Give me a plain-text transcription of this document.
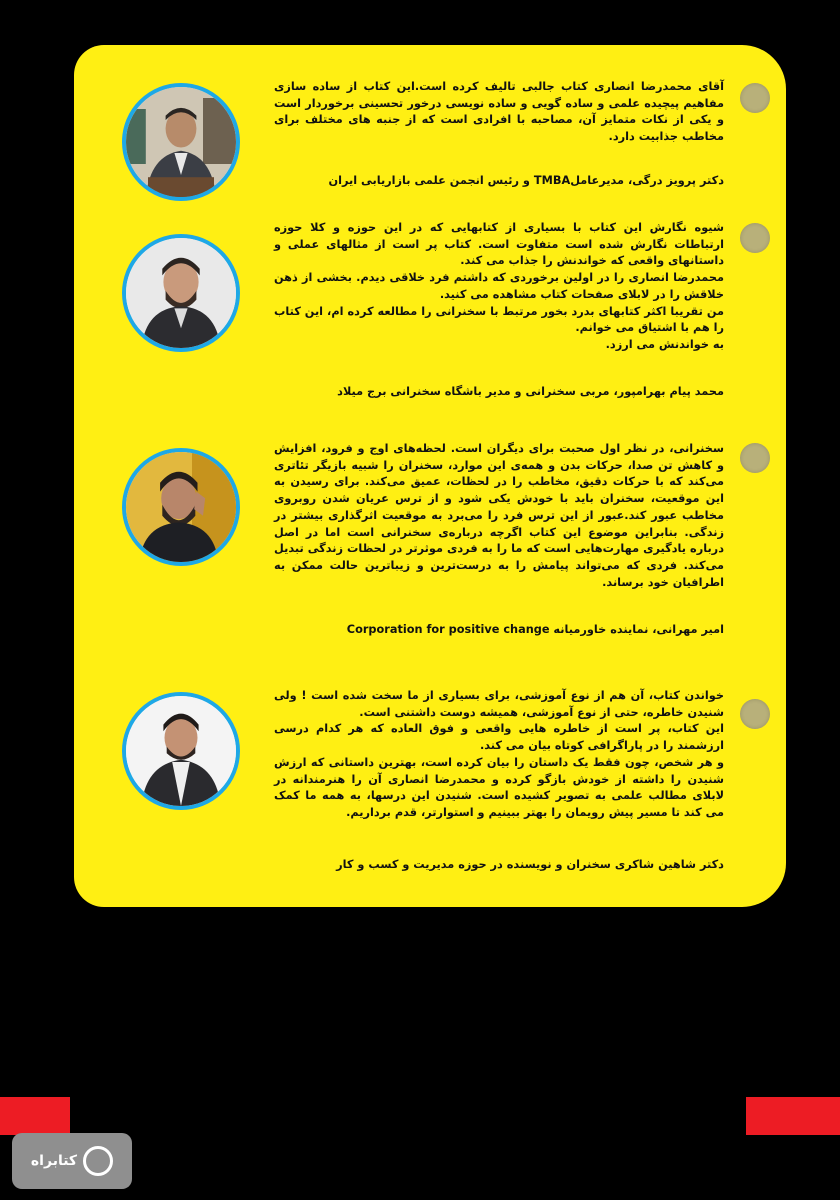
آقای محمدرضا انصاری کتاب جالبی تالیف کرده است.این کتاب از ساده سازی مفاهیم پیچیده علمی و ساده گویی و ساده نویسی درخور تحسینی برخوردار است و یکی از نکات متمایز آن، مصاحبه با افرادی است که از جنبه های مختلف برای مخاطب جذابیت دارد.

دکتر پرویز درگی، مدیرعاملTMBA و رئیس انجمن علمی بازاریابی ایران

شیوه نگارش این کتاب با بسیاری از کتابهایی که در این حوزه و کلا حوزه ارتباطات نگارش شده است متفاوت است. کتاب پر است از مثالهای عملی و داستانهای واقعی که خواندنش را جذاب می کند.

محمدرضا انصاری را در اولین برخوردی که داشتم فرد خلاقی دیدم. بخشی از ذهن خلاقش را در لابلای صفحات کتاب مشاهده می کنید.

من تقریبا اکثر کتابهای بدرد بخور مرتبط با سخنرانی را مطالعه کرده ام، این کتاب را هم با اشتیاق می خوانم.

به خواندنش می ارزد.

محمد پیام بهرامپور، مربی سخنرانی و مدیر باشگاه سخنرانی برج میلاد

سخنرانی، در نظر اول صحبت برای دیگران است. لحظه‌های اوج و فرود، افزایش و کاهش تن صدا، حرکات بدن و همه‌ی این موارد، سخنران را شبیه بازیگر تئاتری می‌کند که با حرکات دقیق، مخاطب را در لحظات، عمیق می‌کند. برای رسیدن به این موقعیت، سخنران باید با خودش یکی شود و از ترس عریان شدن روبروی مخاطب عبور کند.عبور از این ترس فرد را می‌برد به موقعیت اثرگذاری بیشتر در زندگی. بنابراین موضوع این کتاب اگرچه درباره‌ی سخنرانی است اما در اصل درباره یادگیری مهارت‌هایی است که ما را به فردی موثرتر در لحظات زندگی تبدیل می‌کند. فردی که می‌تواند پیامش را به درست‌ترین و زیباترین حالت ممکن به اطرافیان خود برساند.

امیر مهرانی، نماینده خاورمیانه Corporation for positive change

خواندن کتاب، آن هم از نوع آموزشی، برای بسیاری از ما سخت شده است ! ولی شنیدن خاطره، حتی از نوع آموزشی، همیشه دوست داشتنی است.

این کتاب، پر است از خاطره هایی واقعی و فوق العاده که هر کدام درسی ارزشمند را در پاراگرافی کوتاه بیان می کند.

و هر شخص، چون فقط یک داستان را بیان کرده است، بهترین داستانی که ارزش شنیدن را داشته از خودش بازگو کرده و محمدرضا انصاری آن را هنرمندانه در لابلای مطالب علمی به تصویر کشیده است. شنیدن این درسها، به همه ما کمک می کند تا مسیر پیش رویمان را بهتر ببینیم و استوارتر، قدم برداریم.

دکتر شاهین شاکری سخنران و نویسنده در حوزه مدیریت و کسب و کار
کتابراه
